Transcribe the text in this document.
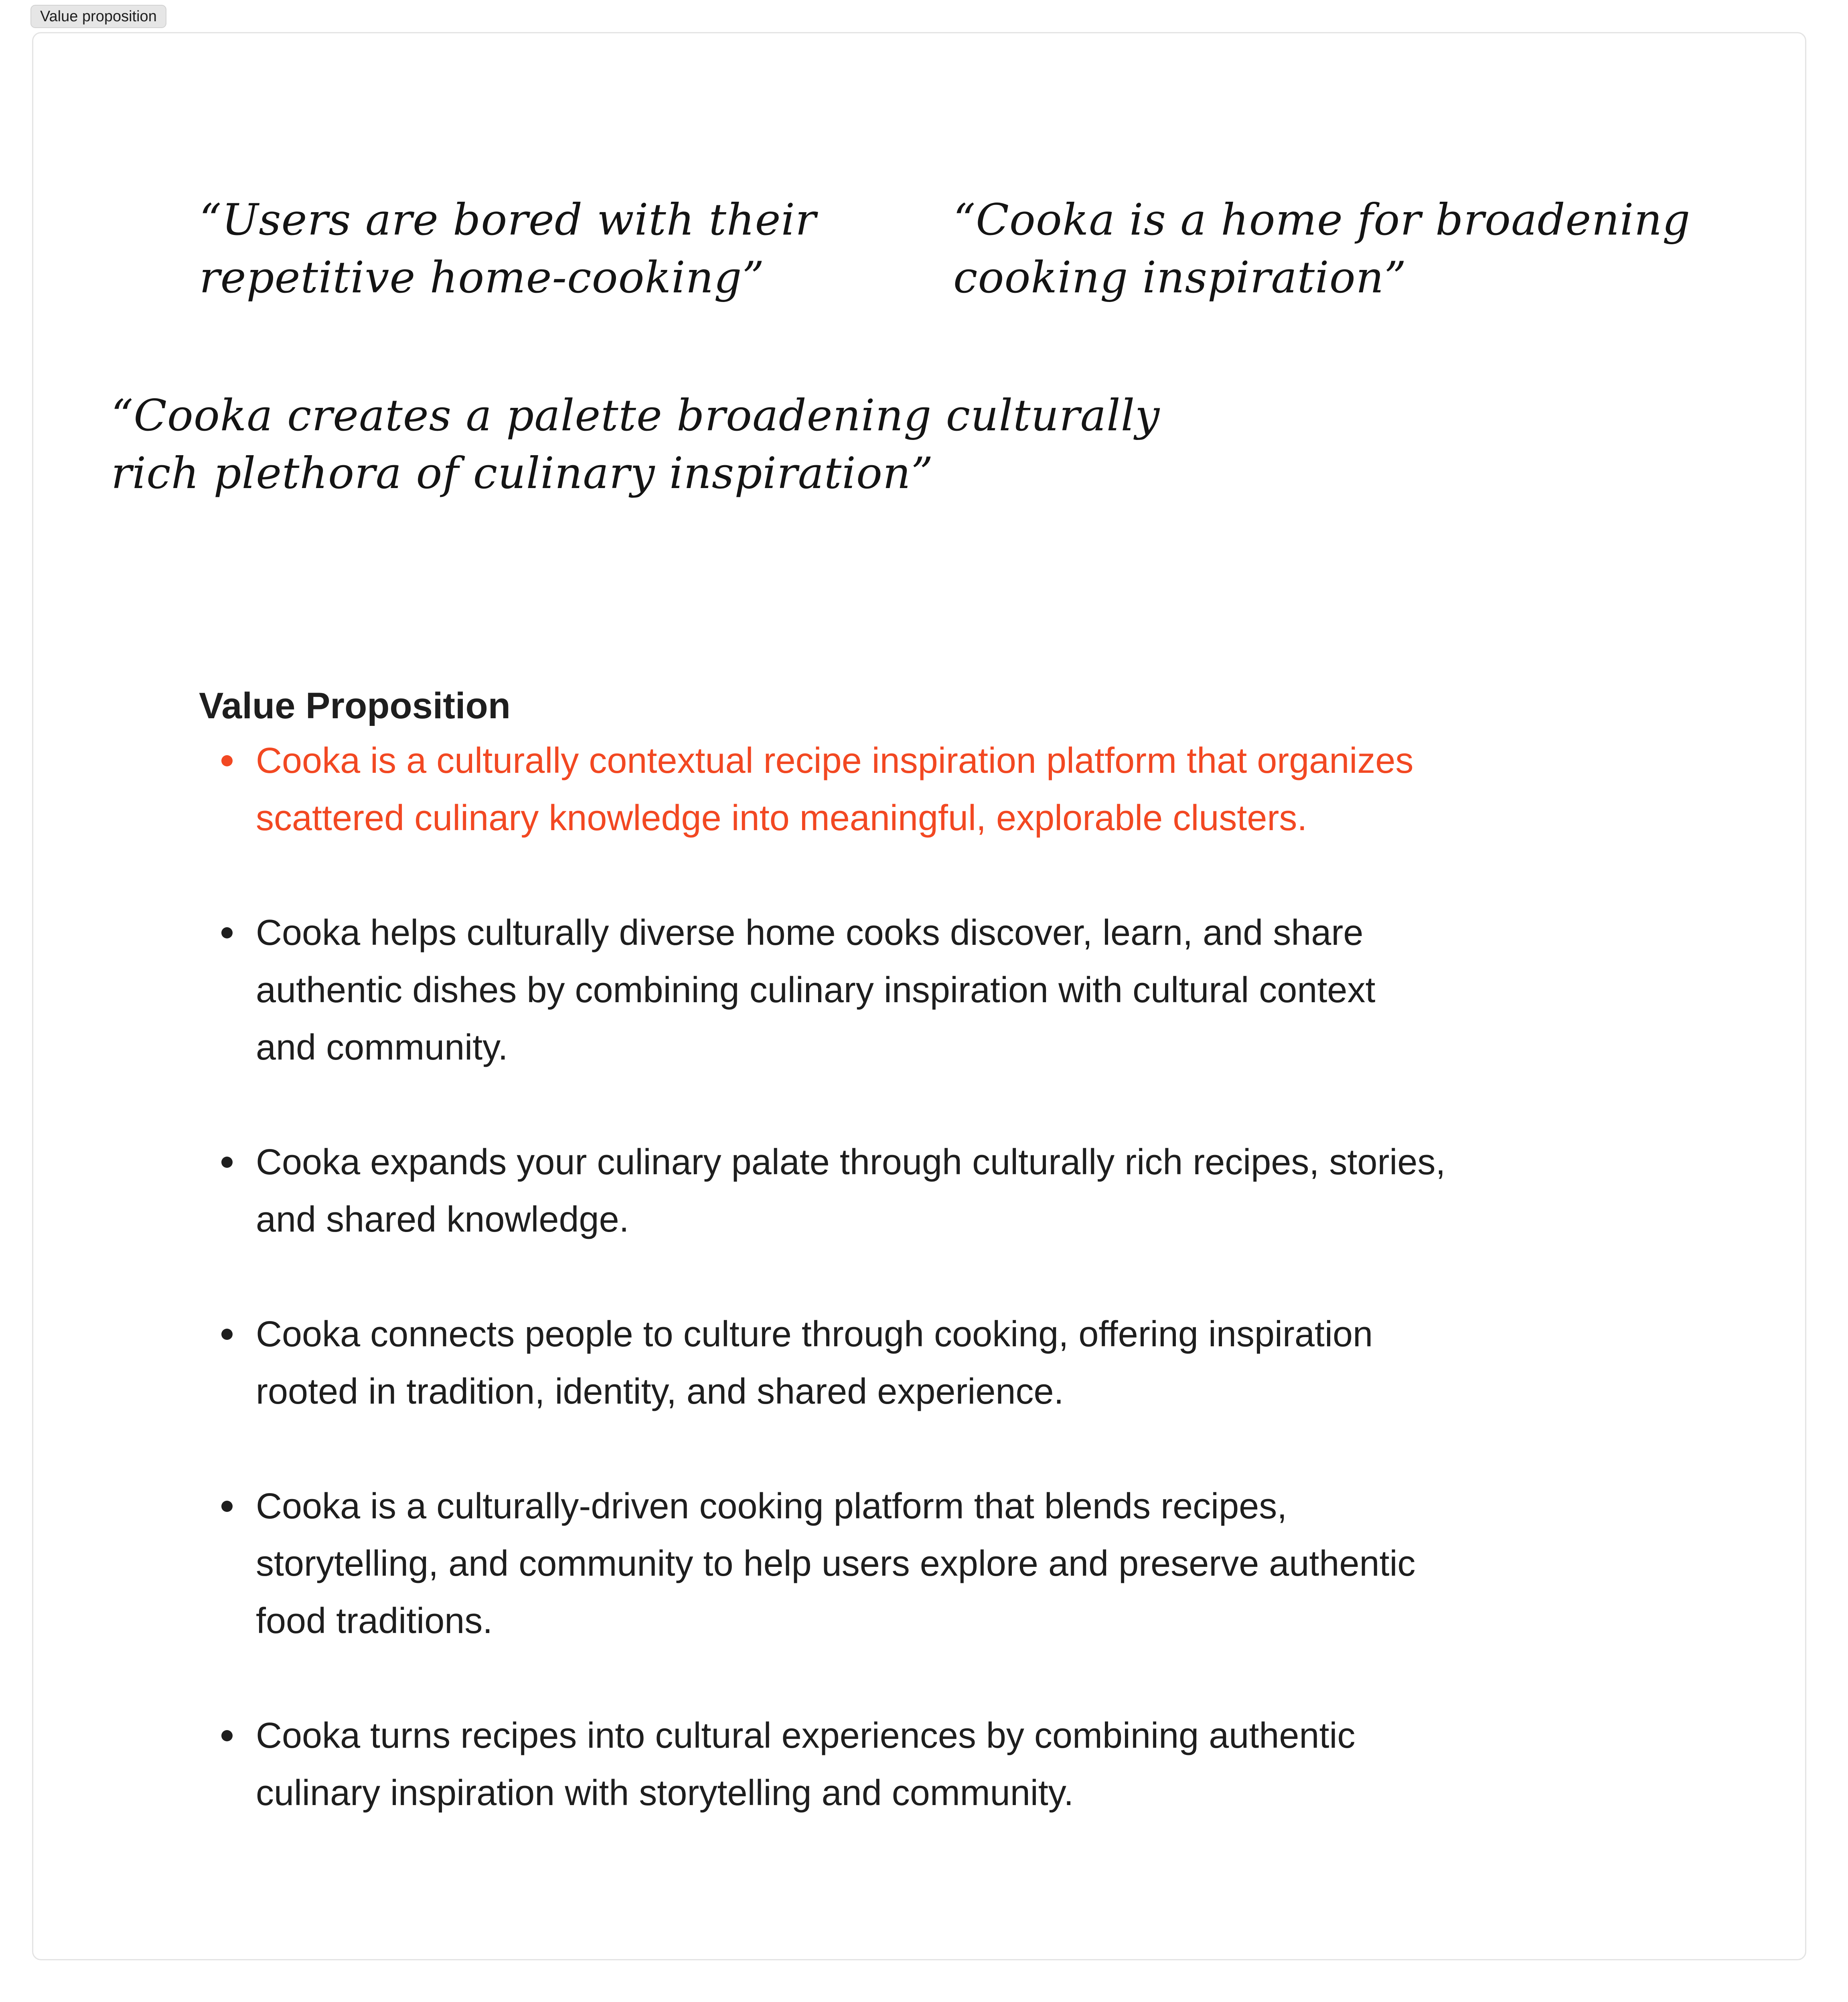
Value proposition

“Users are bored with their
repetitive home-cooking”

“Cooka is a home for broadening
cooking inspiration”

“Cooka creates a palette broadening culturally
rich plethora of culinary inspiration”

Value Proposition
Cooka is a culturally contextual recipe inspiration platform that organizes
scattered culinary knowledge into meaningful, explorable clusters.
Cooka helps culturally diverse home cooks discover, learn, and share
authentic dishes by combining culinary inspiration with cultural context
and community.
Cooka expands your culinary palate through culturally rich recipes, stories,
and shared knowledge.
Cooka connects people to culture through cooking, offering inspiration
rooted in tradition, identity, and shared experience.
Cooka is a culturally-driven cooking platform that blends recipes,
storytelling, and community to help users explore and preserve authentic
food traditions.
Cooka turns recipes into cultural experiences by combining authentic
culinary inspiration with storytelling and community.
